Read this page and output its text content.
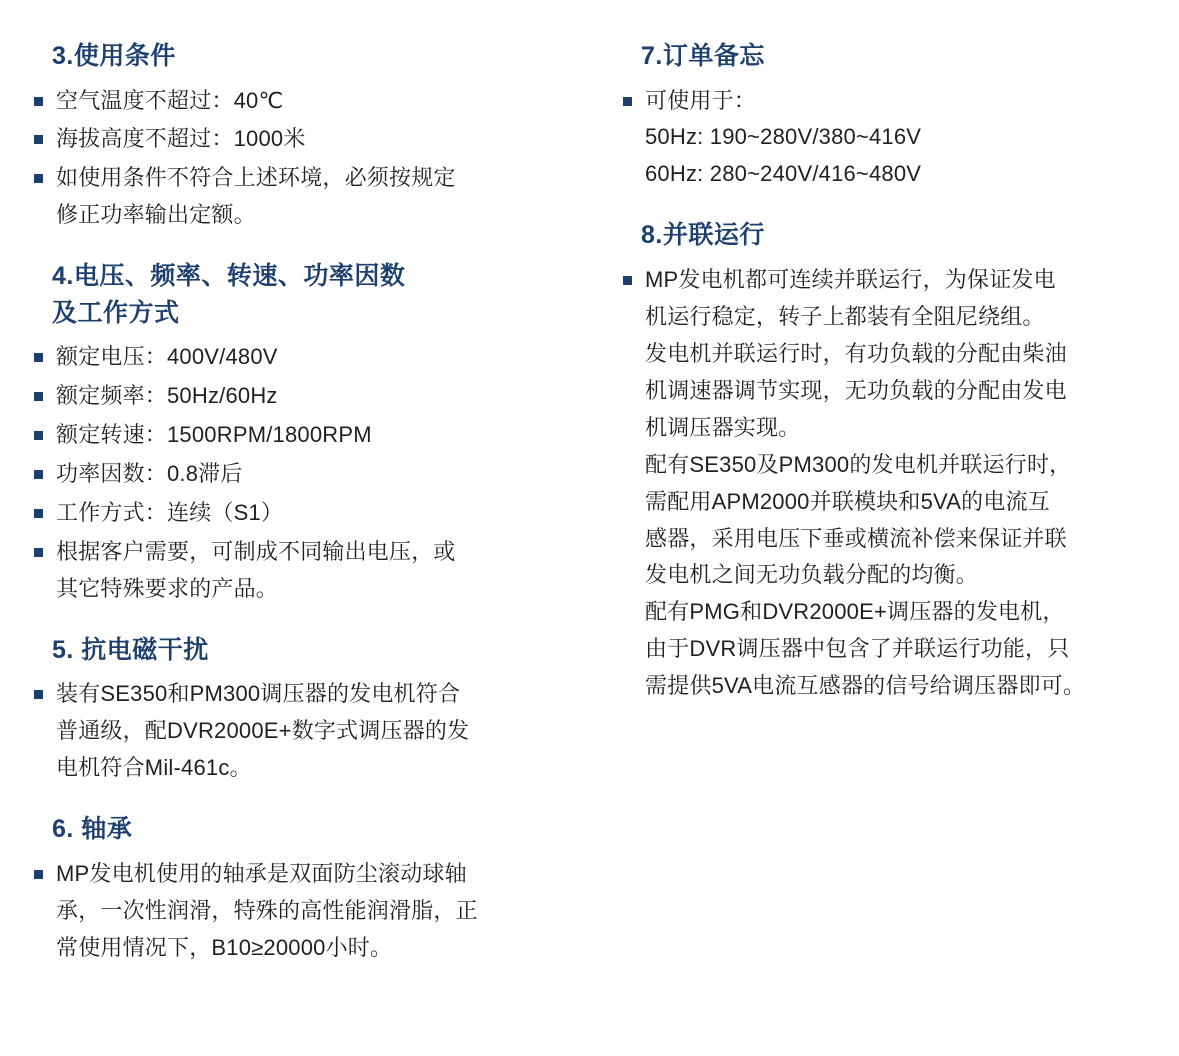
3.使用条件
空气温度不超过：40℃
海拔高度不超过：1000米
如使用条件不符合上述环境，必须按规定
修正功率输出定额。
4.电压、频率、转速、功率因数
及工作方式
额定电压：400V/480V
额定频率：50Hz/60Hz
额定转速：1500RPM/1800RPM
功率因数：0.8滞后
工作方式：连续（S1）
根据客户需要，可制成不同输出电压，或
其它特殊要求的产品。
5. 抗电磁干扰
装有SE350和PM300调压器的发电机符合
普通级，配DVR2000E+数字式调压器的发
电机符合Mil-461c。
6. 轴承
MP发电机使用的轴承是双面防尘滚动球轴
承，一次性润滑，特殊的高性能润滑脂，正
常使用情况下，B10≥20000小时。
7.订单备忘
可使用于：
50Hz: 190~280V/380~416V
60Hz: 280~240V/416~480V
8.并联运行
MP发电机都可连续并联运行，为保证发电
机运行稳定，转子上都装有全阻尼绕组。
发电机并联运行时，有功负载的分配由柴油
机调速器调节实现，无功负载的分配由发电
机调压器实现。
配有SE350及PM300的发电机并联运行时，
需配用APM2000并联模块和5VA的电流互
感器，采用电压下垂或横流补偿来保证并联
发电机之间无功负载分配的均衡。
配有PMG和DVR2000E+调压器的发电机，
由于DVR调压器中包含了并联运行功能，只
需提供5VA电流互感器的信号给调压器即可。
